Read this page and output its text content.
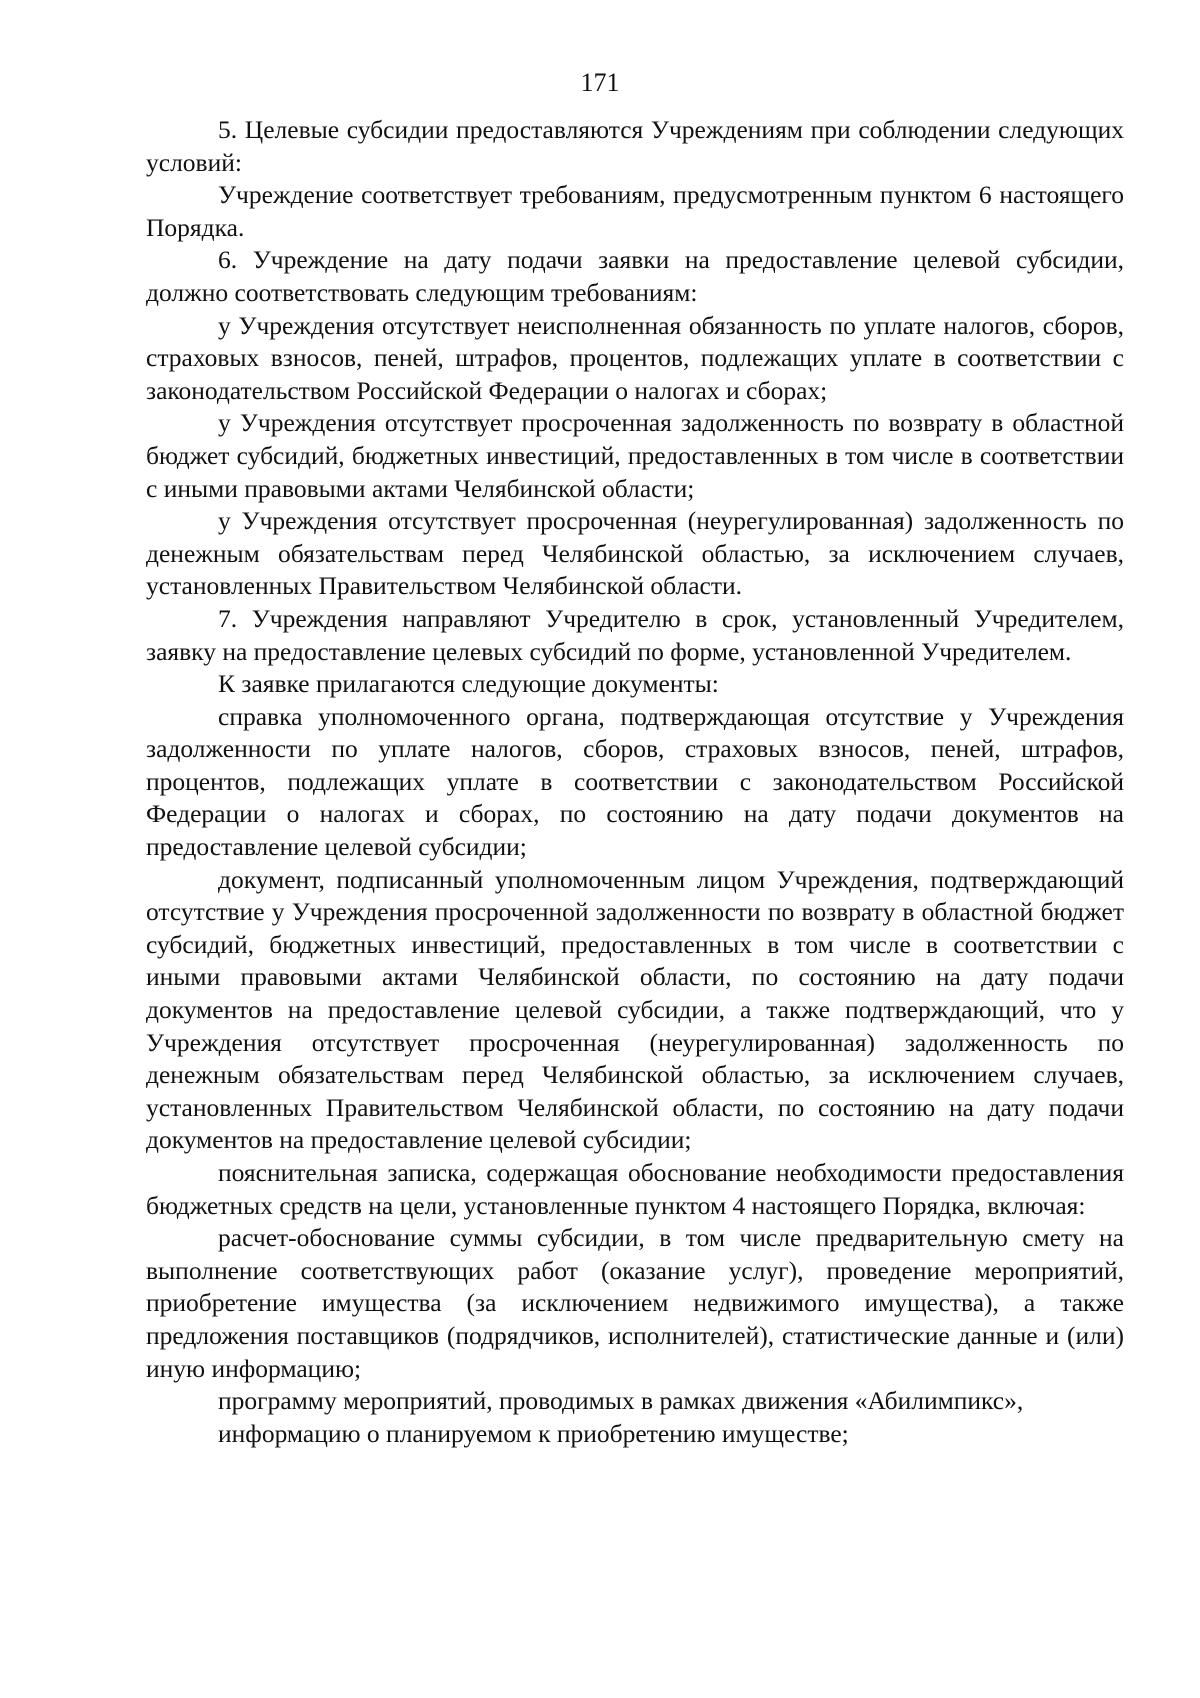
171

5. Целевые субсидии предоставляются Учреждениям при соблюдении следующих условий:

Учреждение соответствует требованиям, предусмотренным пунктом 6 настоящего Порядка.

6. Учреждение на дату подачи заявки на предоставление целевой субсидии, должно соответствовать следующим требованиям:

у Учреждения отсутствует неисполненная обязанность по уплате налогов, сборов, страховых взносов, пеней, штрафов, процентов, подлежащих уплате в соответствии с законодательством Российской Федерации о налогах и сборах;

у Учреждения отсутствует просроченная задолженность по возврату в областной бюджет субсидий, бюджетных инвестиций, предоставленных в том числе в соответствии с иными правовыми актами Челябинской области;

у Учреждения отсутствует просроченная (неурегулированная) задолженность по денежным обязательствам перед Челябинской областью, за исключением случаев, установленных Правительством Челябинской области.

7. Учреждения направляют Учредителю в срок, установленный Учредителем, заявку на предоставление целевых субсидий по форме, установленной Учредителем.

К заявке прилагаются следующие документы:

справка уполномоченного органа, подтверждающая отсутствие у Учреждения задолженности по уплате налогов, сборов, страховых взносов, пеней, штрафов, процентов, подлежащих уплате в соответствии с законодательством Российской Федерации о налогах и сборах, по состоянию на дату подачи документов на предоставление целевой субсидии;

документ, подписанный уполномоченным лицом Учреждения, подтверждающий отсутствие у Учреждения просроченной задолженности по возврату в областной бюджет субсидий, бюджетных инвестиций, предоставленных в том числе в соответствии с иными правовыми актами Челябинской области, по состоянию на дату подачи документов на предоставление целевой субсидии, а также подтверждающий, что у Учреждения отсутствует просроченная (неурегулированная) задолженность по денежным обязательствам перед Челябинской областью, за исключением случаев, установленных Правительством Челябинской области, по состоянию на дату подачи документов на предоставление целевой субсидии;

пояснительная записка, содержащая обоснование необходимости предоставления бюджетных средств на цели, установленные пунктом 4 настоящего Порядка, включая:

расчет-обоснование суммы субсидии, в том числе предварительную смету на выполнение соответствующих работ (оказание услуг), проведение мероприятий, приобретение имущества (за исключением недвижимого имущества), а также предложения поставщиков (подрядчиков, исполнителей), статистические данные и (или) иную информацию;

программу мероприятий, проводимых в рамках движения «Абилимпикс»,

информацию о планируемом к приобретению имуществе;
